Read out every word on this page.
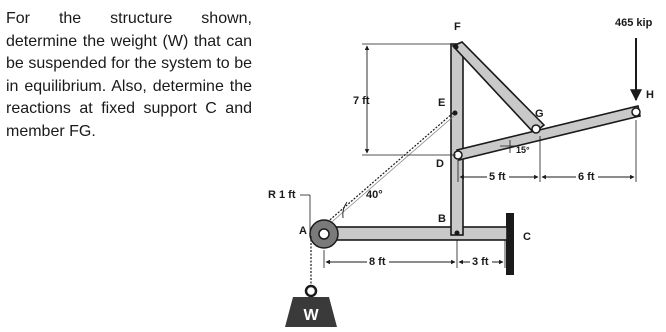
For the structure shown, determine the weight (W) that can be suspended for the system to be in equilibrium. Also, determine the reactions at fixed support C and member FG.
W
465 kip
F
E
D
G
H
B
C
A
7 ft
R 1 ft	40°
15°
5 ft	6 ft
8 ft	3 ft
